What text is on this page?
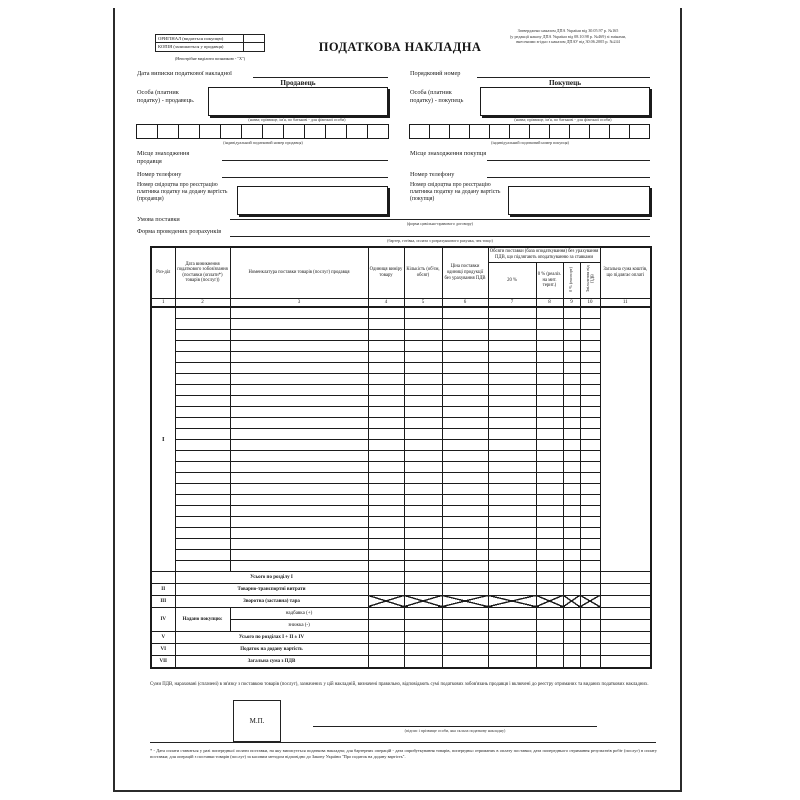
ОРИГІНАЛ (видається покупцю)	
КОПІЯ (залишається у продавця)	
(Непотрібне виділити позначкою - "X")
ПОДАТКОВА НАКЛАДНА
Затверджено наказом ДПА України від 30.05.97 р. №165
(у редакції наказу ДПА України від 08.10.98 р. №469) зі змінами,
внесеними згідно з наказом ДПАУ від 30.06.2005 р. №244
Дата виписки податкової накладної	Порядковий номер
Продавець
Особа (платник податку) - продавець.
(назва; прізвище, ім'я, по батькові - для фізичної особи)
(індивідуальний податковий номер продавця)
Місце знаходження продавця
Номер телефону
Номер свідоцтва про реєстрацію платника податку на додану вартість (продавця)
Покупець
Особа (платник податку) - покупець
(назва; прізвище, ім'я, по батькові - для фізичної особи)
(індивідуальний податковий номер покупця)
Місце знаходження покупця
Номер телефону
Номер свідоцтва про реєстрацію платника податку на додану вартість (покупця)
Умова поставки
(форма цивільно-правового договору)
Форма проведених розрахунків
(бартер, готівка, оплата з розрахункового рахунка, чек тощо)
Роз-діл	Дата виникнення податкового зобов'язання (поставки (оплати*) товарів (послуг))	Номенклатура поставки товарів (послуг) продавця	Одиниця виміру товару	Кількість (об'єм, обсяг)	Ціна поставки одиниці продукції без урахування ПДВ	Обсяги поставки (база оподаткування) без урахування ПДВ, що підлягають оподаткуванню за ставками				Загальна сума коштів, що підлягає оплаті
						20 %	0 % (реаліз. на мит. терит.)	0 % (експорт)	Звільнення від ПДВ	
1	2	3	4	5	6	7	8	9	10	11
I										

	Усього по розділу I									
II	Товарно-транспортні витрати									
III	Зворотна (заставна) тара									
IV	Надано покупцю:	надбавка (+)								
		знижка (-)								
V	Усього по розділах I + II ± IV									
VI	Податок на додану вартість									
VII	Загальна сума з ПДВ									
Суми ПДВ, нараховані (сплачені) в зв'язку з поставкою товарів (послуг), зазначених у цій накладній, визначені правильно, відповідають сумі податкових зобов'язань продавця і включені до реєстру отриманих та виданих податкових накладних.
М.П.
(підпис і прізвище особи, яка склала податкову накладну)
* - Дата оплати ставиться у разі попередньої оплати поставки, на яку виписується податкова накладна; для бартерних операцій - дата оприбуткування товарів, попередньо отриманих в оплату поставки; дата попереднього отримання результатів робіт (послуг) в оплату поставки; для операцій з поставки товарів (послуг) за касовим методом відповідно до Закону України "Про податок на додану вартість".
